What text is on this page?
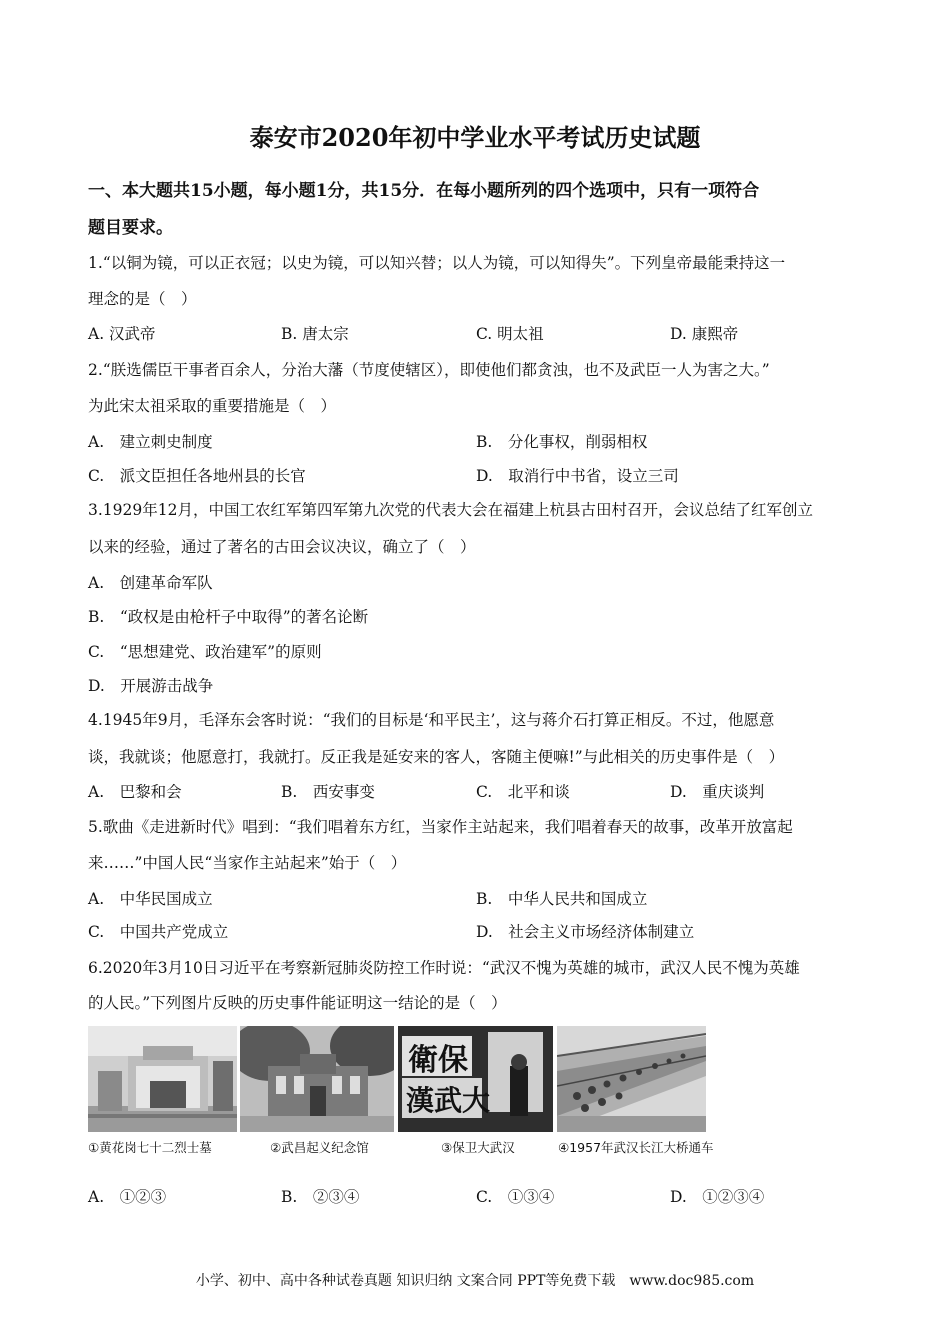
泰安市2020年初中学业水平考试历史试题
一、本大题共15小题，每小题1分，共15分．在每小题所列的四个选项中，只有一项符合
题目要求。
1.“以铜为镜，可以正衣冠；以史为镜，可以知兴替；以人为镜，可以知得失”。下列皇帝最能秉持这一
理念的是（　）
A. 汉武帝	B. 唐太宗	C. 明太祖	D. 康熙帝
2.“朕选儒臣干事者百余人，分治大藩（节度使辖区），即使他们都贪浊，也不及武臣一人为害之大。”
为此宋太祖采取的重要措施是（　）
A.　建立刺史制度	B.　分化事权，削弱相权
C.　派文臣担任各地州县的长官	D.　取消行中书省，设立三司
3.1929年12月，中国工农红军第四军第九次党的代表大会在福建上杭县古田村召开，会议总结了红军创立
以来的经验，通过了著名的古田会议决议，确立了（　）
A.　创建革命军队
B.　“政权是由枪杆子中取得”的著名论断
C.　“思想建党、政治建军”的原则
D.　开展游击战争
4.1945年9月，毛泽东会客时说：“我们的目标是‘和平民主’，这与蒋介石打算正相反。不过，他愿意
谈，我就谈；他愿意打，我就打。反正我是延安来的客人，客随主便嘛!”与此相关的历史事件是（　）
A.　巴黎和会	B.　西安事变	C.　北平和谈	D.　重庆谈判
5.歌曲《走进新时代》唱到：“我们唱着东方红，当家作主站起来，我们唱着春天的故事，改革开放富起
来……”中国人民“当家作主站起来”始于（　）
A.　中华民国成立	B.　中华人民共和国成立
C.　中国共产党成立	D.　社会主义市场经济体制建立
6.2020年3月10日习近平在考察新冠肺炎防控工作时说：“武汉不愧为英雄的城市，武汉人民不愧为英雄
的人民。”下列图片反映的历史事件能证明这一结论的是（　）
衛保
漢武大
①黄花岗七十二烈士墓	②武昌起义纪念馆	③保卫大武汉	④1957年武汉长江大桥通车
A.　①②③	B.　②③④	C.　①③④	D.　①②③④
小学、初中、高中各种试卷真题 知识归纳 文案合同 PPT等免费下载　www.doc985.com
